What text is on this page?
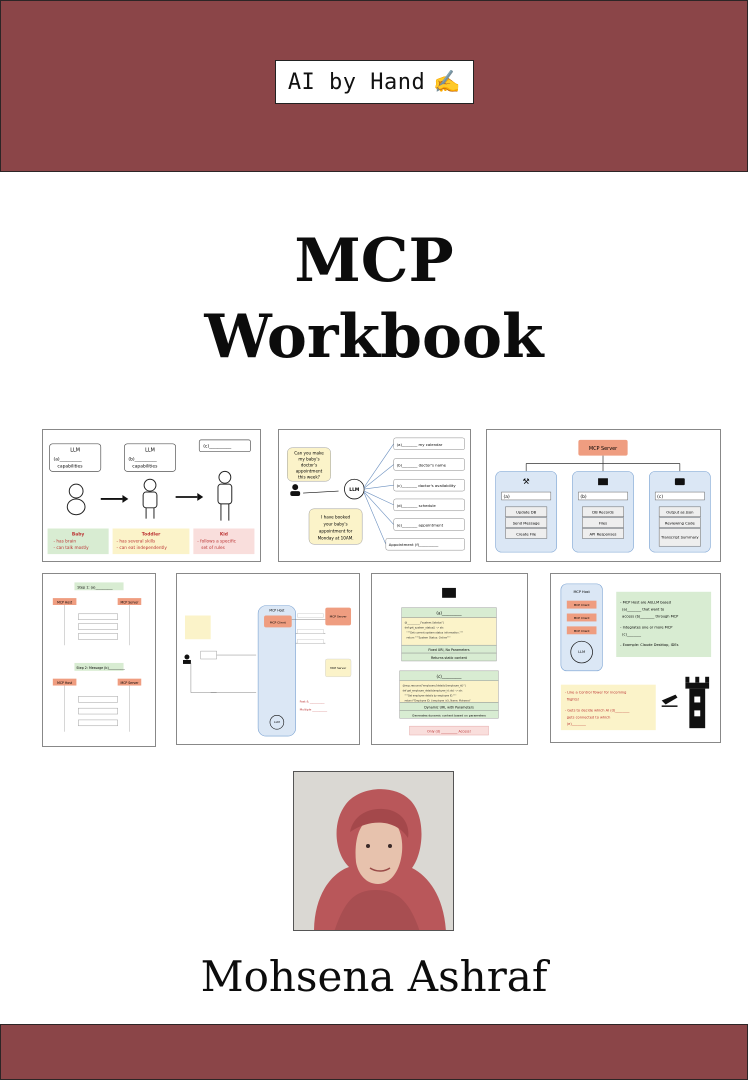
AI by Hand ✍️
MCP
Workbook
LLM
(a)__________
capabilities
LLM
(b)__________
capabilities
(c)__________
Baby
- has brain
- can talk mostly
Toddler
- has several skills
- can eat independently
Kid
- follows a specific
set of rules
Can you make
my baby's
doctor's
appointment
this week?
LLM
I have booked
your baby's
appointment for
Monday at 10AM.
(a)________ my calendar
(b)________ doctor's name
(c)________ doctor's availability
(d)________ schedule
(e)________ appointment
Appointment (f)__________
MCP Server
⚒
(a)	(b)	(c)
Update DB
Send Message
Create File
DB Records
Files
API Responses
Output as Json
Reviewing Code
Transcript Summary
Step 1: (a)__________
MCP Host	MCP Server
Step 2: Message (b)__________
MCP Host	MCP Server
MCP Host
MCP Client
MCP Server
MCP Server
LLM
Fast & __________
Multiple __________
(a)__________
@__________("system://status")
def get_system_status() -> str:
"""Get current system status information."""
return """System Status: Online"""
Fixed URI, No Parameters
Returns static content
(c)__________
@mcp.resource("employee://details/{employee_id}")
def get_employee_details(employee_id: str) -> str:
"""Get employee details by employee ID."""
return f"Employee ID: {employee_id}, Name: Mohsena"
Dynamic URI, with Parameters
Generates dynamic content based on parameters
Only (d) __________ Access!
MCP Host
MCP Client
MCP Client
MCP Client
LLM
- MCP Host are AI/LLM based
(a)________ that want to
access (b)________ through MCP
- Integrates one or more MCP
(c)________
- Example: Claude Desktop, IDEs
- Like a Control Tower for incoming
flights!
- Gets to decide which AI (d)________
gets connected to which
(e)________
Mohsena Ashraf
